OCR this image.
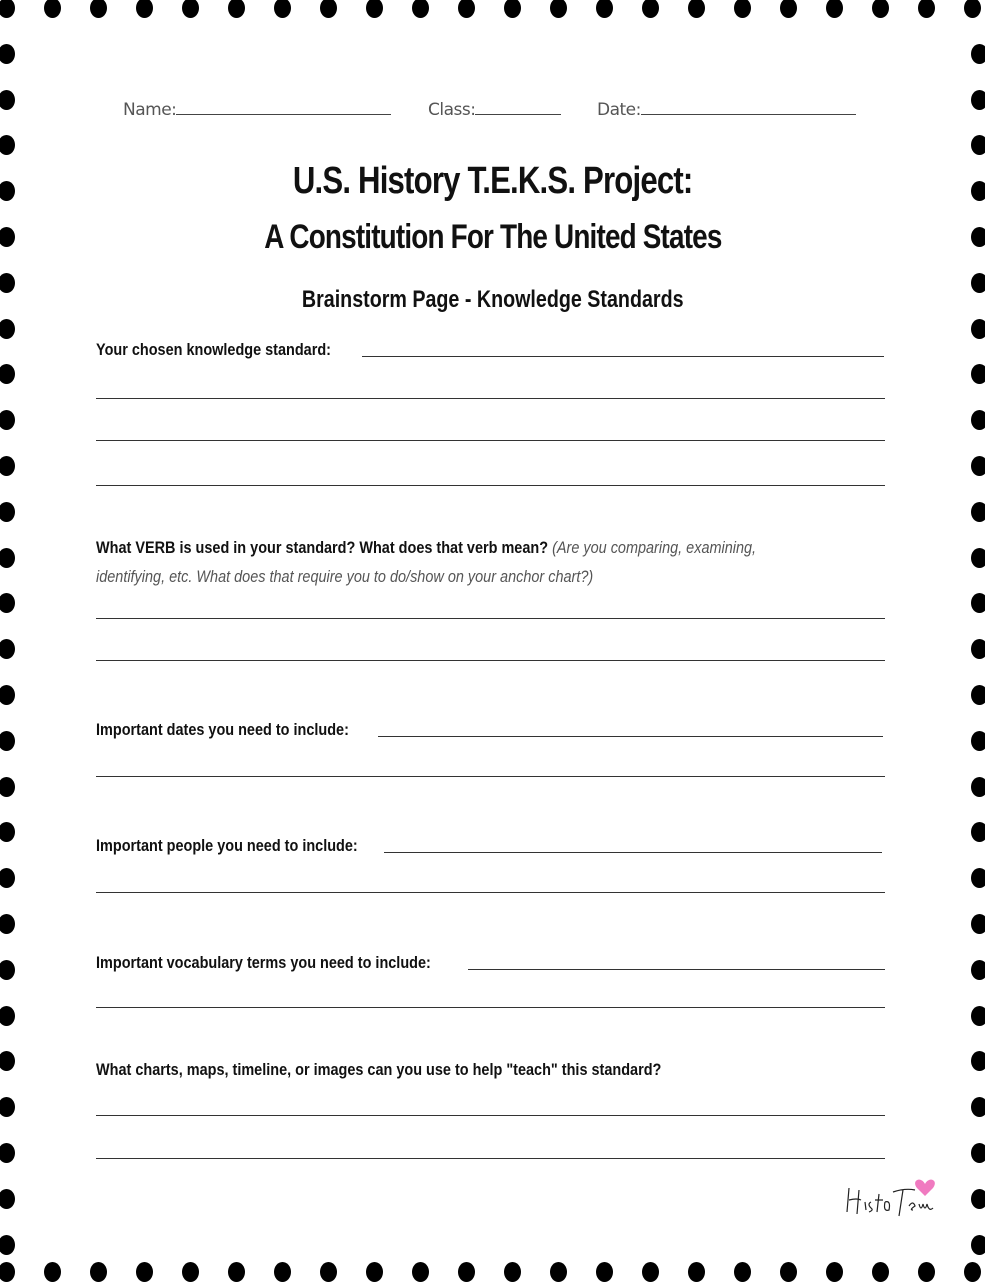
Name:	Class:	Date:
U.S. History T.E.K.S. Project:
A Constitution For The United States
Brainstorm Page - Knowledge Standards
Your chosen knowledge standard:
What VERB is used in your standard? What does that verb mean? (Are you comparing, examining,
identifying, etc. What does that require you to do/show on your anchor chart?)
Important dates you need to include:
Important people you need to include:
Important vocabulary terms you need to include:
What charts, maps, timeline, or images can you use to help "teach" this standard?
